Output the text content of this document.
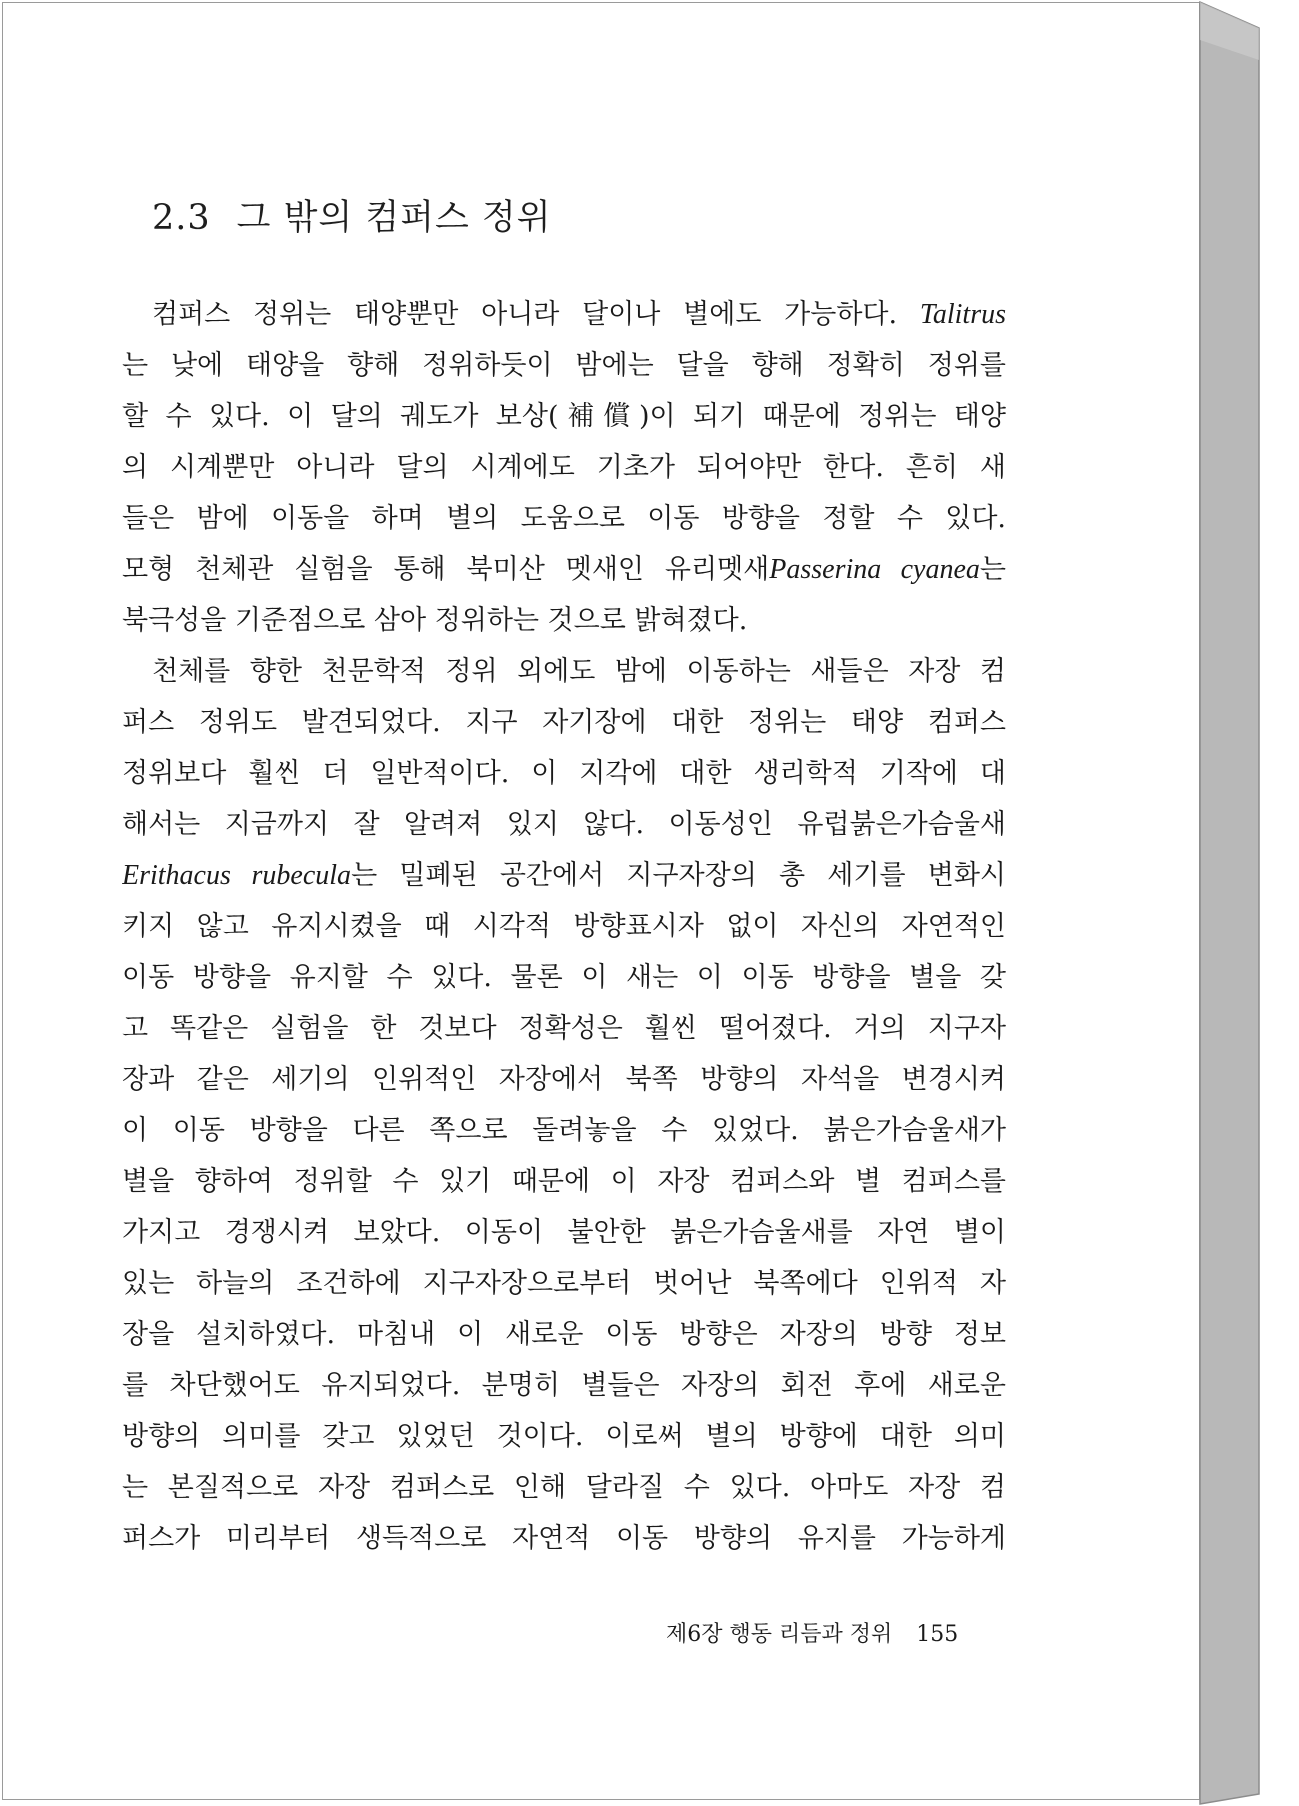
2.3 그 밖의 컴퍼스 정위
컴퍼스 정위는 태양뿐만 아니라 달이나 별에도 가능하다. Talitrus
는 낮에 태양을 향해 정위하듯이 밤에는 달을 향해 정확히 정위를
할 수 있다. 이 달의 궤도가 보상(補償)이 되기 때문에 정위는 태양
의 시계뿐만 아니라 달의 시계에도 기초가 되어야만 한다. 흔히 새
들은 밤에 이동을 하며 별의 도움으로 이동 방향을 정할 수 있다.
모형 천체관 실험을 통해 북미산 멧새인 유리멧새Passerina cyanea는
북극성을 기준점으로 삼아 정위하는 것으로 밝혀졌다.
천체를 향한 천문학적 정위 외에도 밤에 이동하는 새들은 자장 컴
퍼스 정위도 발견되었다. 지구 자기장에 대한 정위는 태양 컴퍼스
정위보다 훨씬 더 일반적이다. 이 지각에 대한 생리학적 기작에 대
해서는 지금까지 잘 알려져 있지 않다. 이동성인 유럽붉은가슴울새
Erithacus rubecula는 밀폐된 공간에서 지구자장의 총 세기를 변화시
키지 않고 유지시켰을 때 시각적 방향표시자 없이 자신의 자연적인
이동 방향을 유지할 수 있다. 물론 이 새는 이 이동 방향을 별을 갖
고 똑같은 실험을 한 것보다 정확성은 훨씬 떨어졌다. 거의 지구자
장과 같은 세기의 인위적인 자장에서 북쪽 방향의 자석을 변경시켜
이 이동 방향을 다른 쪽으로 돌려놓을 수 있었다. 붉은가슴울새가
별을 향하여 정위할 수 있기 때문에 이 자장 컴퍼스와 별 컴퍼스를
가지고 경쟁시켜 보았다. 이동이 불안한 붉은가슴울새를 자연 별이
있는 하늘의 조건하에 지구자장으로부터 벗어난 북쪽에다 인위적 자
장을 설치하였다. 마침내 이 새로운 이동 방향은 자장의 방향 정보
를 차단했어도 유지되었다. 분명히 별들은 자장의 회전 후에 새로운
방향의 의미를 갖고 있었던 것이다. 이로써 별의 방향에 대한 의미
는 본질적으로 자장 컴퍼스로 인해 달라질 수 있다. 아마도 자장 컴
퍼스가 미리부터 생득적으로 자연적 이동 방향의 유지를 가능하게
제6장 행동 리듬과 정위 155
